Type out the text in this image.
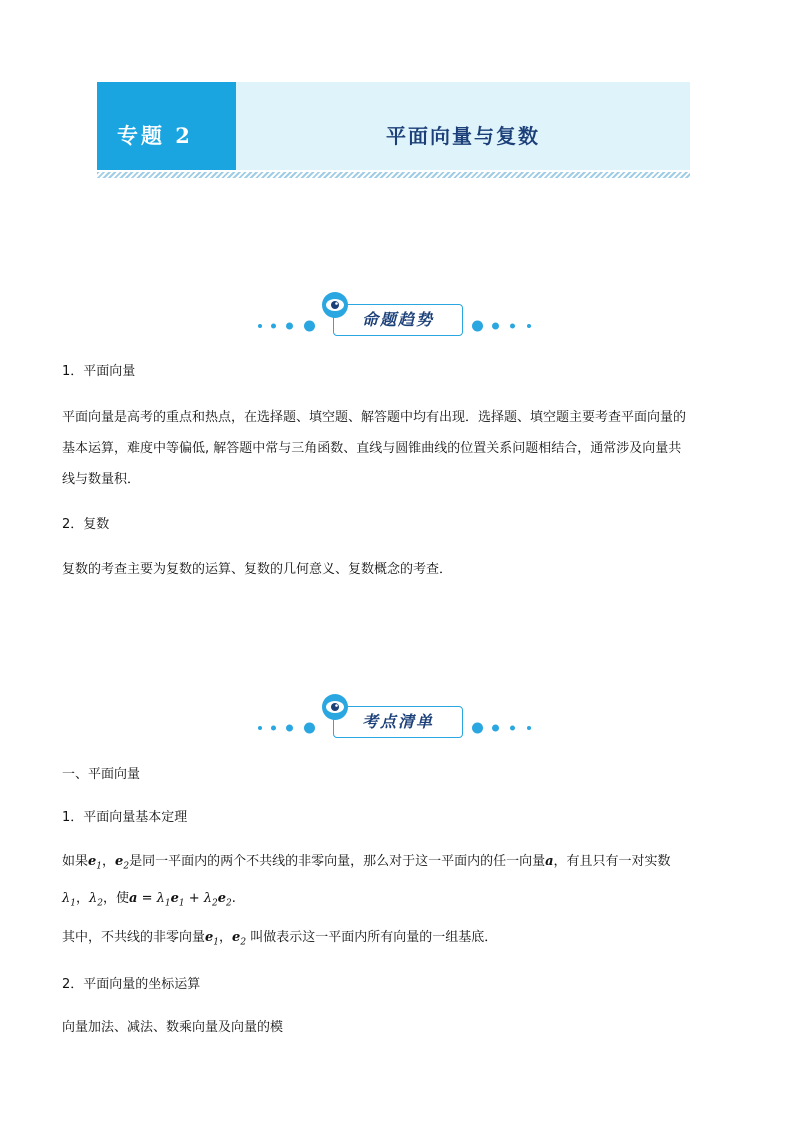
专题 2	平面向量与复数
命题趋势
1．平面向量
平面向量是高考的重点和热点，在选择题、填空题、解答题中均有出现．选择题、填空题主要考查平面向量的
基本运算，难度中等偏低, 解答题中常与三角函数、直线与圆锥曲线的位置关系问题相结合，通常涉及向量共
线与数量积．
2．复数
复数的考查主要为复数的运算、复数的几何意义、复数概念的考查．
考点清单
一、平面向量
1．平面向量基本定理
如果$e_1$，$e_2$是同一平面内的两个不共线的非零向量，那么对于这一平面内的任一向量a，有且只有一对实数
$\lambda_1$，$\lambda_2$，使$a = \lambda_1e_1 + \lambda_2e_2$.
其中，不共线的非零向量$e_1$，$e_2$ 叫做表示这一平面内所有向量的一组基底．
2．平面向量的坐标运算
向量加法、减法、数乘向量及向量的模
